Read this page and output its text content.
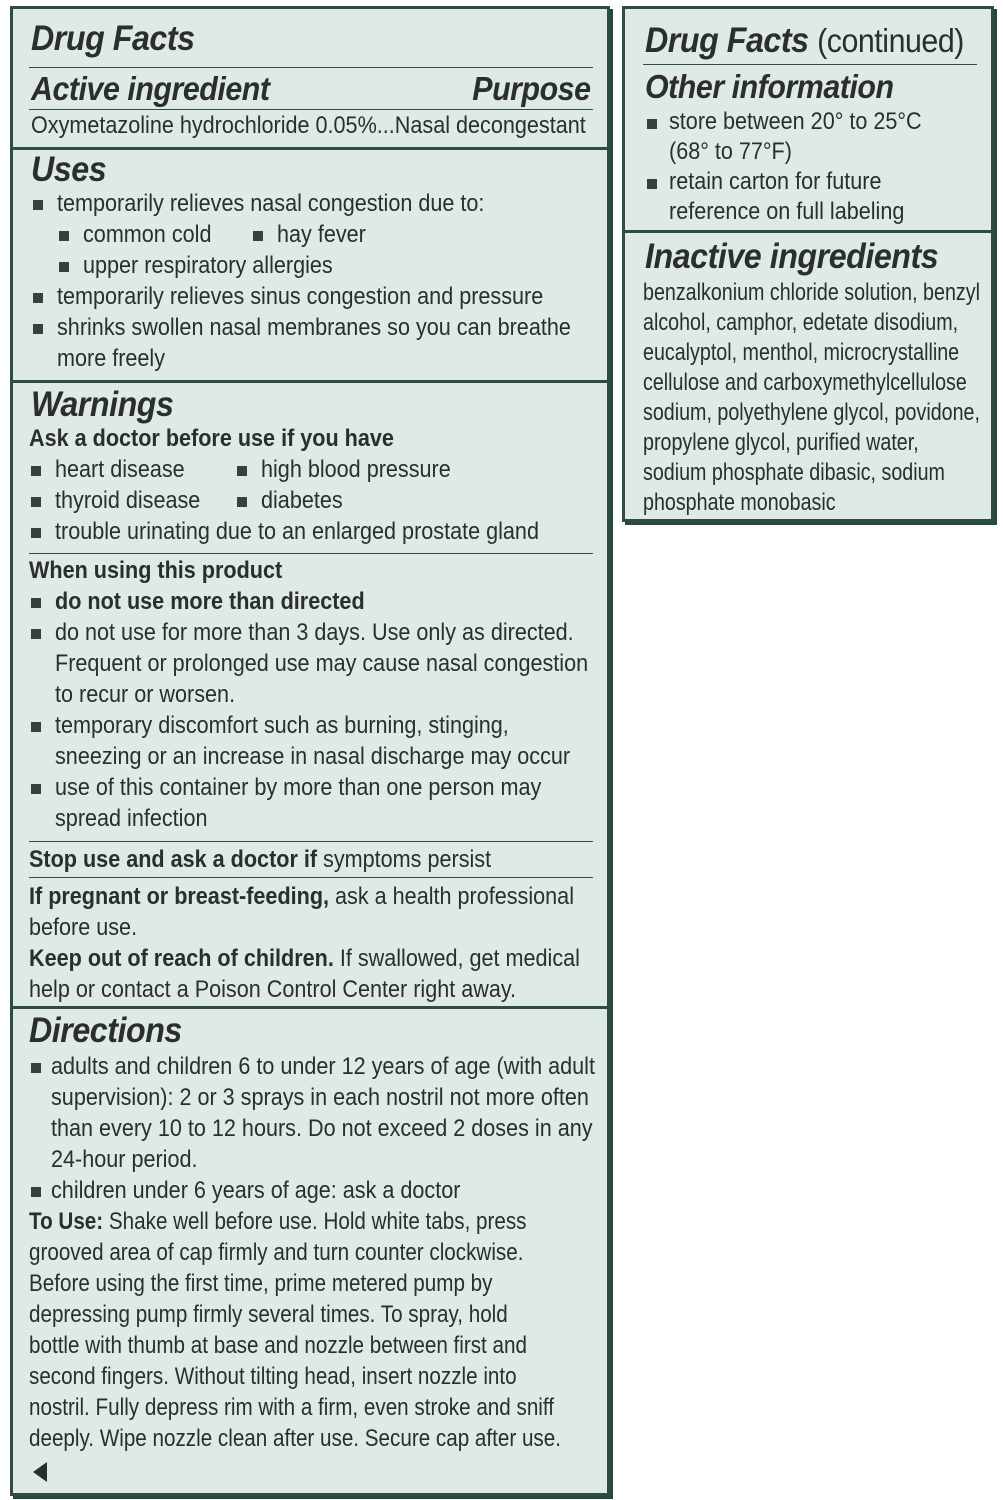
Drug Facts
Active ingredient	Purpose
Oxymetazoline hydrochloride 0.05%...Nasal decongestant
Uses
temporarily relieves nasal congestion due to:
common cold	hay fever
upper respiratory allergies
temporarily relieves sinus congestion and pressure
shrinks swollen nasal membranes so you can breathe
more freely
Warnings
Ask a doctor before use if you have
heart disease	high blood pressure
thyroid disease	diabetes
trouble urinating due to an enlarged prostate gland
When using this product
do not use more than directed
do not use for more than 3 days. Use only as directed.
Frequent or prolonged use may cause nasal congestion
to recur or worsen.
temporary discomfort such as burning, stinging,
sneezing or an increase in nasal discharge may occur
use of this container by more than one person may
spread infection
Stop use and ask a doctor if symptoms persist
If pregnant or breast-feeding, ask a health professional
before use.
Keep out of reach of children. If swallowed, get medical
help or contact a Poison Control Center right away.
Directions
adults and children 6 to under 12 years of age (with adult
supervision): 2 or 3 sprays in each nostril not more often
than every 10 to 12 hours. Do not exceed 2 doses in any
24-hour period.
children under 6 years of age: ask a doctor
To Use: Shake well before use. Hold white tabs, press
grooved area of cap firmly and turn counter clockwise.
Before using the first time, prime metered pump by
depressing pump firmly several times. To spray, hold
bottle with thumb at base and nozzle between first and
second fingers. Without tilting head, insert nozzle into
nostril. Fully depress rim with a firm, even stroke and sniff
deeply. Wipe nozzle clean after use. Secure cap after use.
Drug Facts (continued)
Other information
store between 20° to 25°C
(68° to 77°F)
retain carton for future
reference on full labeling
Inactive ingredients
benzalkonium chloride solution, benzyl
alcohol, camphor, edetate disodium,
eucalyptol, menthol, microcrystalline
cellulose and carboxymethylcellulose
sodium, polyethylene glycol, povidone,
propylene glycol, purified water,
sodium phosphate dibasic, sodium
phosphate monobasic
